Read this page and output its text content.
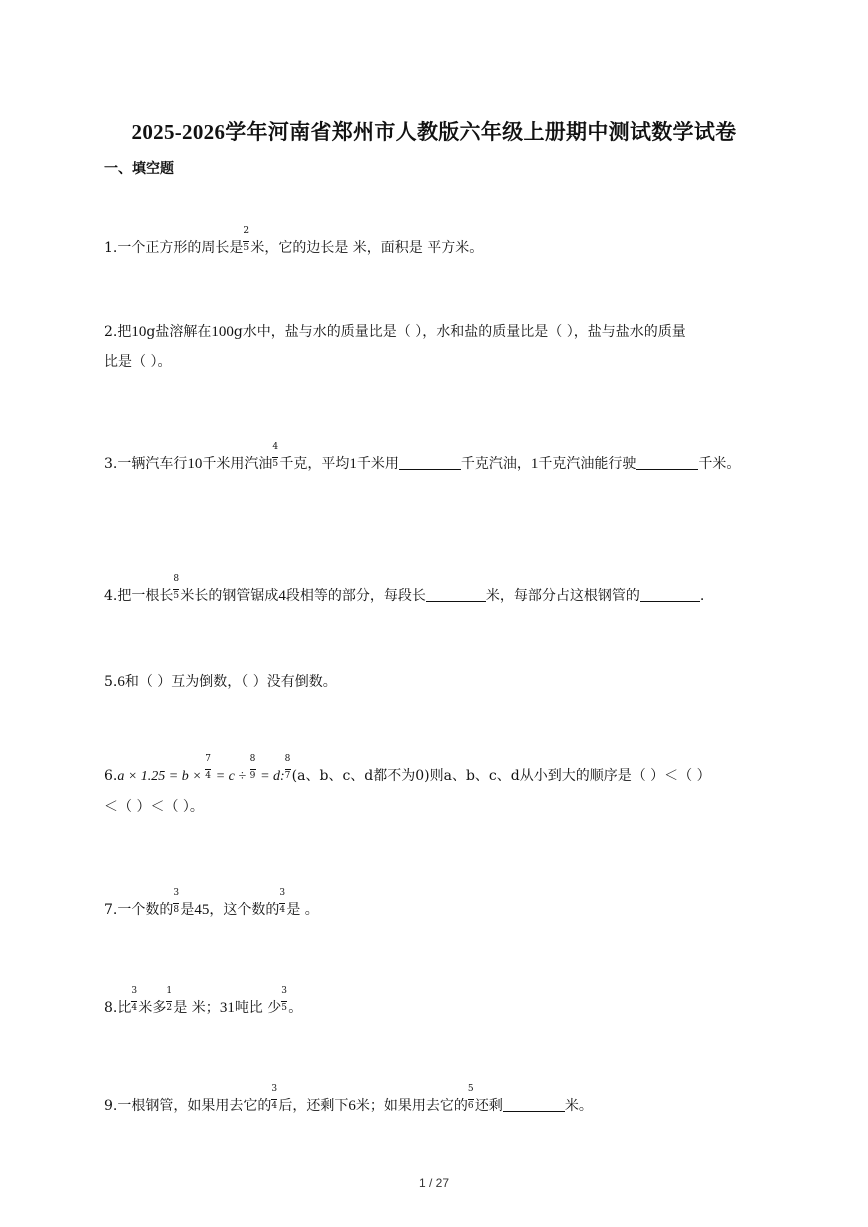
2025-2026学年河南省郑州市人教版六年级上册期中测试数学试卷
一、填空题
1.一个正方形的周长是 $\frac{2}{5}$ 米，它的边长是 米，面积是 平方米。
2.把10g盐溶解在100g水中，盐与水的质量比是（ ），水和盐的质量比是（ ），盐与盐水的质量
比是（ ）。
3.一辆汽车行10千米用汽油 $\frac{4}{5}$ 千克，平均1千米用	千克汽油，1千克汽油能行驶	千米。
4.把一根长 $\frac{8}{5}$ 米长的钢管锯成4段相等的部分，每段长	米，每部分占这根钢管的	.
5.6和（ ）互为倒数，（ ）没有倒数。
$6.a \times 1.25 = b \times \frac{7}{4} = c \div \frac{8}{9} = d$: $\frac{8}{7} (a$、b、c、d都不为0)则a、b、c、d从小到大的顺序是（ ）＜（ ）
＜（ ）＜（ ）。
7.一个数的 $\frac{3}{8}$ 是45，这个数的 $\frac{3}{4}$ 是 。
8.比 $\frac{3}{4}$ 米多 $\frac{1}{2}$ 是 米；31吨比 少 $\frac{3}{5}$ 。
9.一根钢管，如果用去它的 $\frac{3}{4}$ 后，还剩下6米；如果用去它的 $\frac{5}{6}$ 还剩	米。
1 / 27
